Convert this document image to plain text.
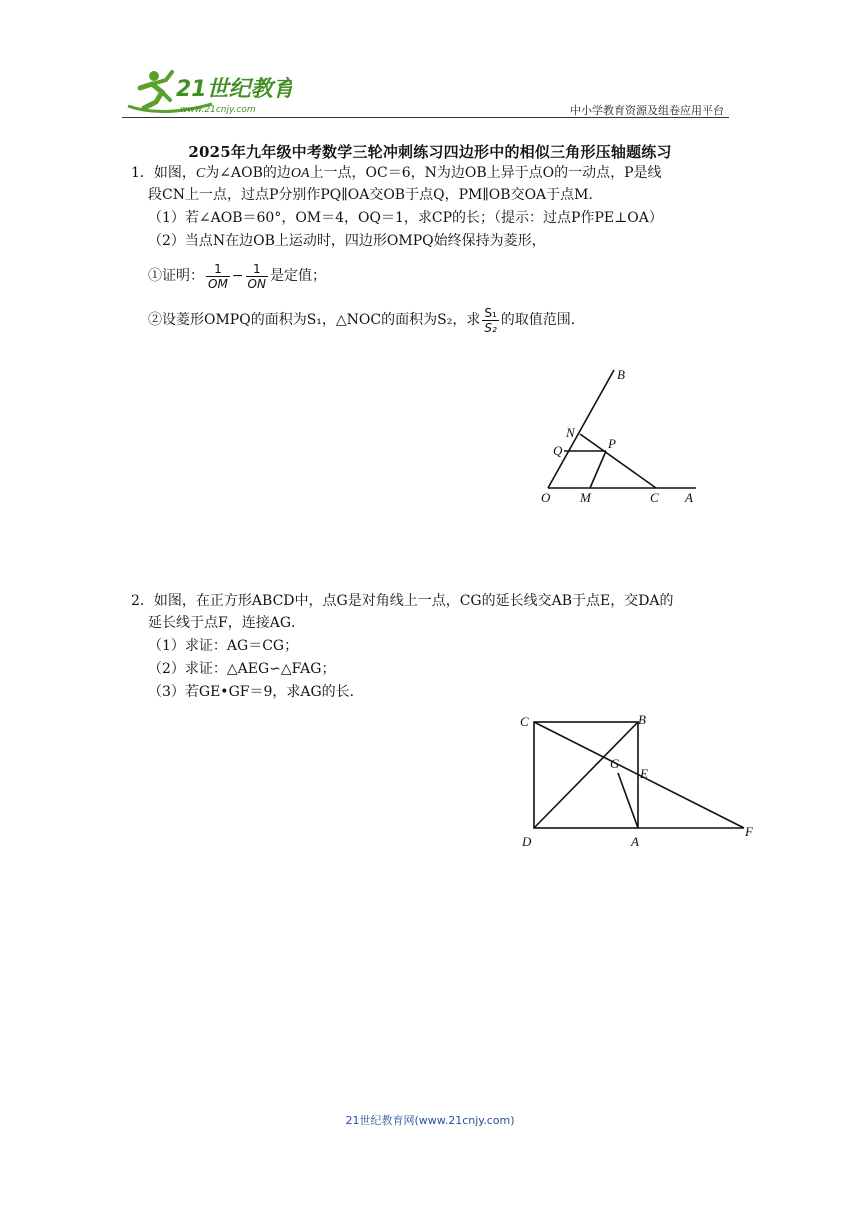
21世纪教育
www.21cnjy.com	中小学教育资源及组卷应用平台
2025年九年级中考数学三轮冲刺练习四边形中的相似三角形压轴题练习
1．如图，C为∠AOB的边OA上一点，OC＝6，N为边OB上异于点O的一动点，P是线
段CN上一点，过点P分别作PQ∥OA交OB于点Q，PM∥OB交OA于点M．
（1）若∠AOB＝60°，OM＝4，OQ＝1，求CP的长；（提示：过点P作PE⊥OA）
（2）当点N在边OB上运动时，四边形OMPQ始终保持为菱形，
①证明： $\frac{1}{OM} - \frac{1}{ON}$ 是定值；
②设菱形OMPQ的面积为S₁，△NOC的面积为S₂，求 $\frac{\text{S₁}}{\text{S₂}}$ 的取值范围．
B
N
Q	P
O M	C A
2．如图，在正方形ABCD中，点G是对角线上一点，CG的延长线交AB于点E，交DA的
延长线于点F，连接AG．
（1）求证：AG＝CG；
（2）求证：△AEG∽△FAG；
（3）若GE•GF＝9，求AG的长．
C	B
G
E
D	A
F
21世纪教育网(www.21cnjy.com)
